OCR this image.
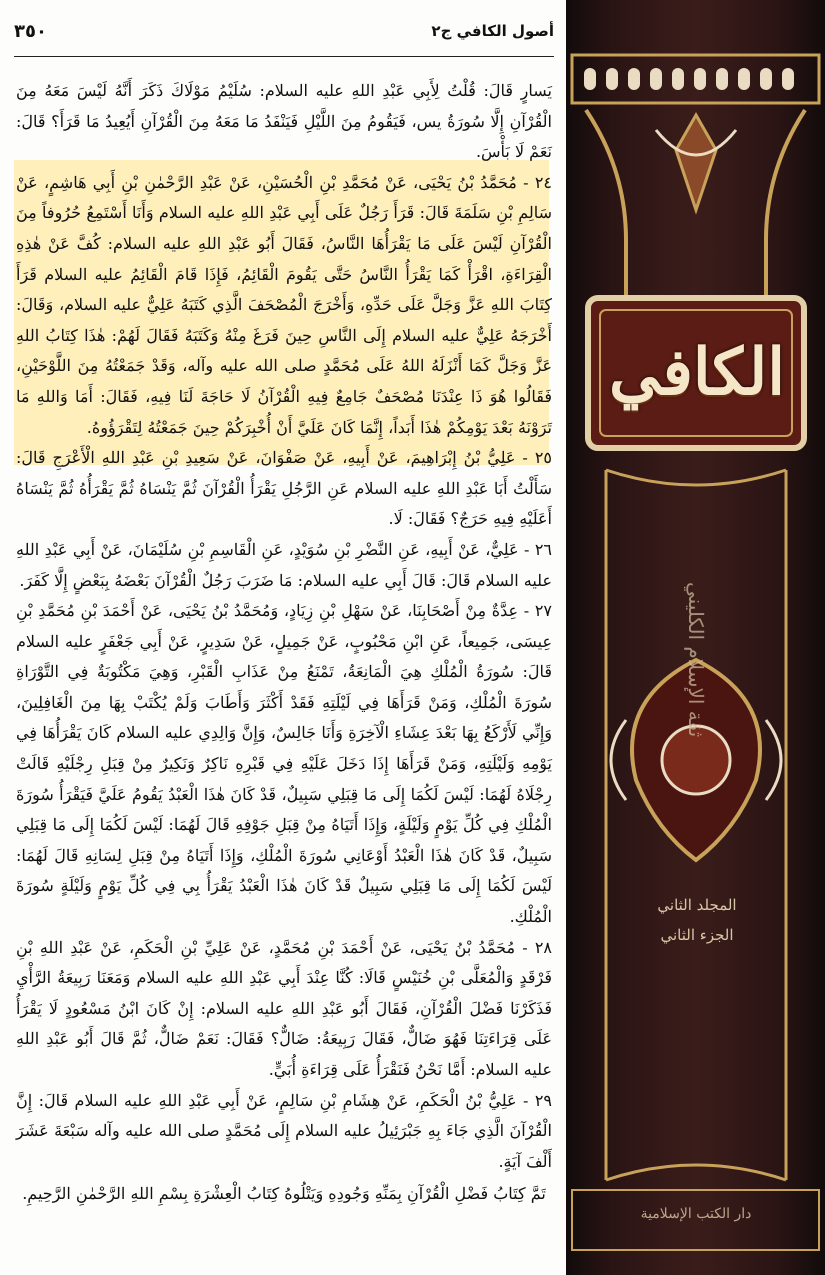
أصول الكافي ج٢
٣٥٠

يَسارٍ قَالَ: قُلْتُ لِأَبِي عَبْدِ اللهِ عليه السلام: سُلَيْمُ مَوْلَاكَ ذَكَرَ أَنَّهُ لَيْسَ مَعَهُ مِنَ الْقُرْآنِ إِلَّا سُورَةُ يس، فَيَقُومُ مِنَ اللَّيْلِ فَيَنْفَدُ مَا مَعَهُ مِنَ الْقُرْآنِ أَيُعِيدُ مَا قَرَأَ؟ قَالَ: نَعَمْ لَا بَأْسَ.

٢٤ - مُحَمَّدُ بْنُ يَحْيَى، عَنْ مُحَمَّدِ بْنِ الْحُسَيْنِ، عَنْ عَبْدِ الرَّحْمٰنِ بْنِ أَبِي هَاشِمٍ، عَنْ سَالِمِ بْنِ سَلَمَةَ قَالَ: قَرَأَ رَجُلٌ عَلَى أَبِي عَبْدِ اللهِ عليه السلام وَأَنَا أَسْتَمِعُ حُرُوفاً مِنَ الْقُرْآنِ لَيْسَ عَلَى مَا يَقْرَأُهَا النَّاسُ، فَقَالَ أَبُو عَبْدِ اللهِ عليه السلام: كُفَّ عَنْ هٰذِهِ الْقِرَاءَةِ، اقْرَأْ كَمَا يَقْرَأُ النَّاسُ حَتَّى يَقُومَ الْقَائِمُ، فَإِذَا قَامَ الْقَائِمُ عليه السلام قَرَأَ كِتَابَ اللهِ عَزَّ وَجَلَّ عَلَى حَدِّهِ، وَأَخْرَجَ الْمُصْحَفَ الَّذِي كَتَبَهُ عَلِيٌّ عليه السلام، وَقَالَ: أَخْرَجَهُ عَلِيٌّ عليه السلام إِلَى النَّاسِ حِينَ فَرَغَ مِنْهُ وَكَتَبَهُ فَقَالَ لَهُمْ: هٰذَا كِتَابُ اللهِ عَزَّ وَجَلَّ كَمَا أَنْزَلَهُ اللهُ عَلَى مُحَمَّدٍ صلى الله عليه وآله، وَقَدْ جَمَعْتُهُ مِنَ اللَّوْحَيْنِ، فَقَالُوا هُوَ ذَا عِنْدَنَا مُصْحَفٌ جَامِعٌ فِيهِ الْقُرْآنُ لَا حَاجَةَ لَنَا فِيهِ، فَقَالَ: أَمَا وَاللهِ مَا تَرَوْنَهُ بَعْدَ يَوْمِكُمْ هٰذَا أَبَداً، إِنَّمَا كَانَ عَلَيَّ أَنْ أُخْبِرَكُمْ حِينَ جَمَعْتُهُ لِتَقْرَؤُوهُ.

٢٥ - عَلِيُّ بْنُ إِبْرَاهِيمَ، عَنْ أَبِيهِ، عَنْ صَفْوَانَ، عَنْ سَعِيدِ بْنِ عَبْدِ اللهِ الْأَعْرَجِ قَالَ: سَأَلْتُ أَبَا عَبْدِ اللهِ عليه السلام عَنِ الرَّجُلِ يَقْرَأُ الْقُرْآنَ ثُمَّ يَنْسَاهُ ثُمَّ يَقْرَأُهُ ثُمَّ يَنْسَاهُ أَعَلَيْهِ فِيهِ حَرَجٌ؟ فَقَالَ: لَا.

٢٦ - عَلِيٌّ، عَنْ أَبِيهِ، عَنِ النَّضْرِ بْنِ سُوَيْدٍ، عَنِ الْقَاسِمِ بْنِ سُلَيْمَانَ، عَنْ أَبِي عَبْدِ اللهِ عليه السلام قَالَ: قَالَ أَبِي عليه السلام: مَا ضَرَبَ رَجُلٌ الْقُرْآنَ بَعْضَهُ بِبَعْضٍ إِلَّا كَفَرَ.

٢٧ - عِدَّةٌ مِنْ أَصْحَابِنَا، عَنْ سَهْلِ بْنِ زِيَادٍ، وَمُحَمَّدُ بْنُ يَحْيَى، عَنْ أَحْمَدَ بْنِ مُحَمَّدِ بْنِ عِيسَى، جَمِيعاً، عَنِ ابْنِ مَحْبُوبٍ، عَنْ جَمِيلٍ، عَنْ سَدِيرٍ، عَنْ أَبِي جَعْفَرٍ عليه السلام قَالَ: سُورَةُ الْمُلْكِ هِيَ الْمَانِعَةُ، تَمْنَعُ مِنْ عَذَابِ الْقَبْرِ، وَهِيَ مَكْتُوبَةٌ فِي التَّوْرَاةِ سُورَةَ الْمُلْكِ، وَمَنْ قَرَأَهَا فِي لَيْلَتِهِ فَقَدْ أَكْثَرَ وَأَطَابَ وَلَمْ يُكْتَبْ بِهَا مِنَ الْغَافِلِينَ، وَإِنِّي لَأَرْكَعُ بِهَا بَعْدَ عِشَاءِ الْآخِرَةِ وَأَنَا جَالِسٌ، وَإِنَّ وَالِدِي عليه السلام كَانَ يَقْرَأُهَا فِي يَوْمِهِ وَلَيْلَتِهِ، وَمَنْ قَرَأَهَا إِذَا دَخَلَ عَلَيْهِ فِي قَبْرِهِ نَاكِرٌ وَنَكِيرٌ مِنْ قِبَلِ رِجْلَيْهِ قَالَتْ رِجْلَاهُ لَهُمَا: لَيْسَ لَكُمَا إِلَى مَا قِبَلِي سَبِيلٌ، قَدْ كَانَ هٰذَا الْعَبْدُ يَقُومُ عَلَيَّ فَيَقْرَأُ سُورَةَ الْمُلْكِ فِي كُلِّ يَوْمٍ وَلَيْلَةٍ، وَإِذَا أَتَيَاهُ مِنْ قِبَلِ جَوْفِهِ قَالَ لَهُمَا: لَيْسَ لَكُمَا إِلَى مَا قِبَلِي سَبِيلٌ، قَدْ كَانَ هٰذَا الْعَبْدُ أَوْعَانِي سُورَةَ الْمُلْكِ، وَإِذَا أَتَيَاهُ مِنْ قِبَلِ لِسَانِهِ قَالَ لَهُمَا: لَيْسَ لَكُمَا إِلَى مَا قِبَلِي سَبِيلٌ قَدْ كَانَ هٰذَا الْعَبْدُ يَقْرَأُ بِي فِي كُلِّ يَوْمٍ وَلَيْلَةٍ سُورَةَ الْمُلْكِ.

٢٨ - مُحَمَّدُ بْنُ يَحْيَى، عَنْ أَحْمَدَ بْنِ مُحَمَّدٍ، عَنْ عَلِيِّ بْنِ الْحَكَمِ، عَنْ عَبْدِ اللهِ بْنِ فَرْقَدٍ وَالْمُعَلَّى بْنِ خُنَيْسٍ قَالَا: كُنَّا عِنْدَ أَبِي عَبْدِ اللهِ عليه السلام وَمَعَنَا رَبِيعَةُ الرَّأْيِ فَذَكَرْنَا فَضْلَ الْقُرْآنِ، فَقَالَ أَبُو عَبْدِ اللهِ عليه السلام: إِنْ كَانَ ابْنُ مَسْعُودٍ لَا يَقْرَأُ عَلَى قِرَاءَتِنَا فَهُوَ ضَالٌّ، فَقَالَ رَبِيعَةُ: ضَالٌّ؟ فَقَالَ: نَعَمْ ضَالٌّ، ثُمَّ قَالَ أَبُو عَبْدِ اللهِ عليه السلام: أَمَّا نَحْنُ فَنَقْرَأُ عَلَى قِرَاءَةِ أُبَيٍّ.

٢٩ - عَلِيُّ بْنُ الْحَكَمِ، عَنْ هِشَامِ بْنِ سَالِمٍ، عَنْ أَبِي عَبْدِ اللهِ عليه السلام قَالَ: إِنَّ الْقُرْآنَ الَّذِي جَاءَ بِهِ جَبْرَئِيلُ عليه السلام إِلَى مُحَمَّدٍ صلى الله عليه وآله سَبْعَةَ عَشَرَ أَلْفَ آيَةٍ.

تَمَّ كِتَابُ فَضْلِ الْقُرْآنِ بِمَنِّهِ وَجُودِهِ وَيَتْلُوهُ كِتَابُ الْعِشْرَةِ بِسْمِ اللهِ الرَّحْمٰنِ الرَّحِيمِ.

الكافي
ثقة الإسلام الكليني
المجلد الثاني
الجزء الثاني
دار الكتب الإسلامية
